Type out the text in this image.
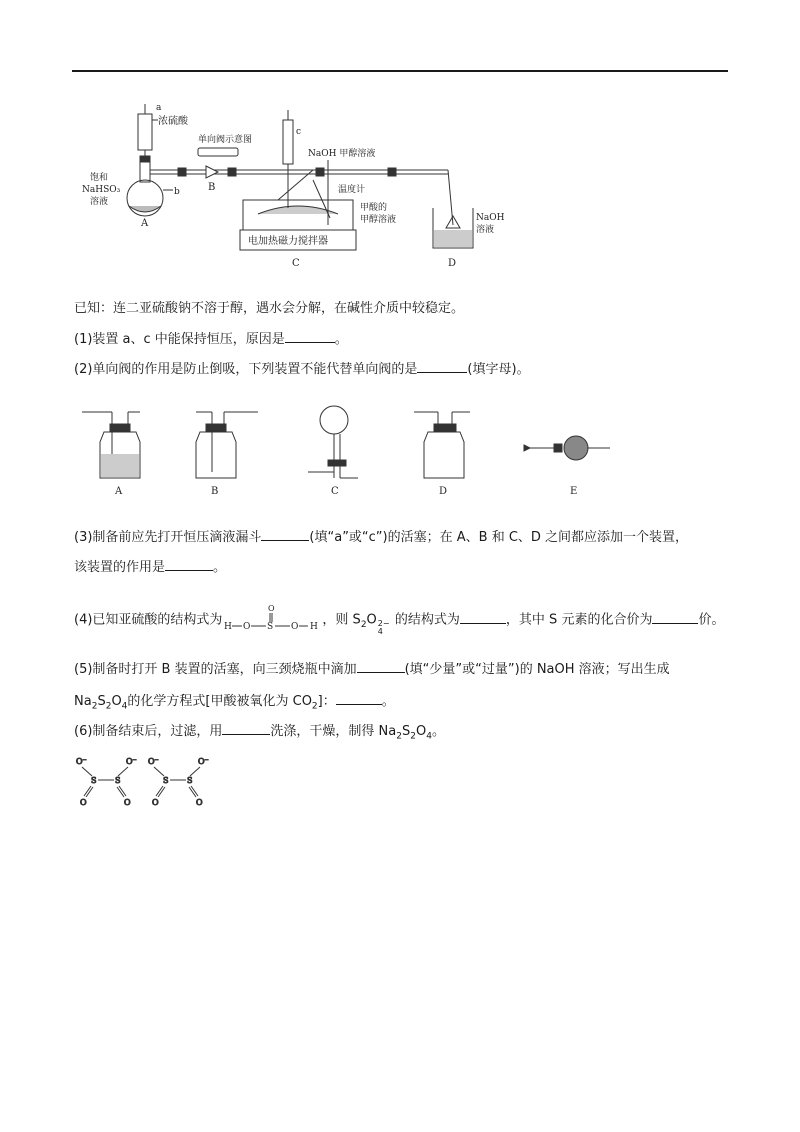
a
浓硫酸
b
饱和
NaHSO₃
溶液
A
单向阀示意图
B
c
NaOH 甲醇溶液
温度计
甲酸的
甲醇溶液
电加热磁力搅拌器
C
NaOH
溶液
D
已知：连二亚硫酸钠不溶于醇，遇水会分解，在碱性介质中较稳定。
(1)装置 a、c 中能保持恒压，原因是	。
(2)单向阀的作用是防止倒吸，下列装置不能代替单向阀的是	(填字母)。
A	B	C	D	E
(3)制备前应先打开恒压滴液漏斗	(填“a”或“c”)的活塞；在 A、B 和 C、D 之间都应添加一个装置，
该装置的作用是	。
(4)已知亚硫酸的结构式为
O
H O S O H ，则 $S_2O$ 2−
4
的结构式为	，其中 S 元素的化合价为	价。
(5)制备时打开 B 装置的活塞，向三颈烧瓶中滴加	(填“少量”或“过量”)的 NaOH 溶液；写出生成
$Na_2S_2O_4$的化学方程式[甲酸被氧化为 $CO_2$]：	。
(6)制备结束后，过滤，用	洗涤，干燥，制得 $Na_2S_2O_4$。
O⁻
S S
O⁻
O	O
O⁻
S S
O⁻
O	O
